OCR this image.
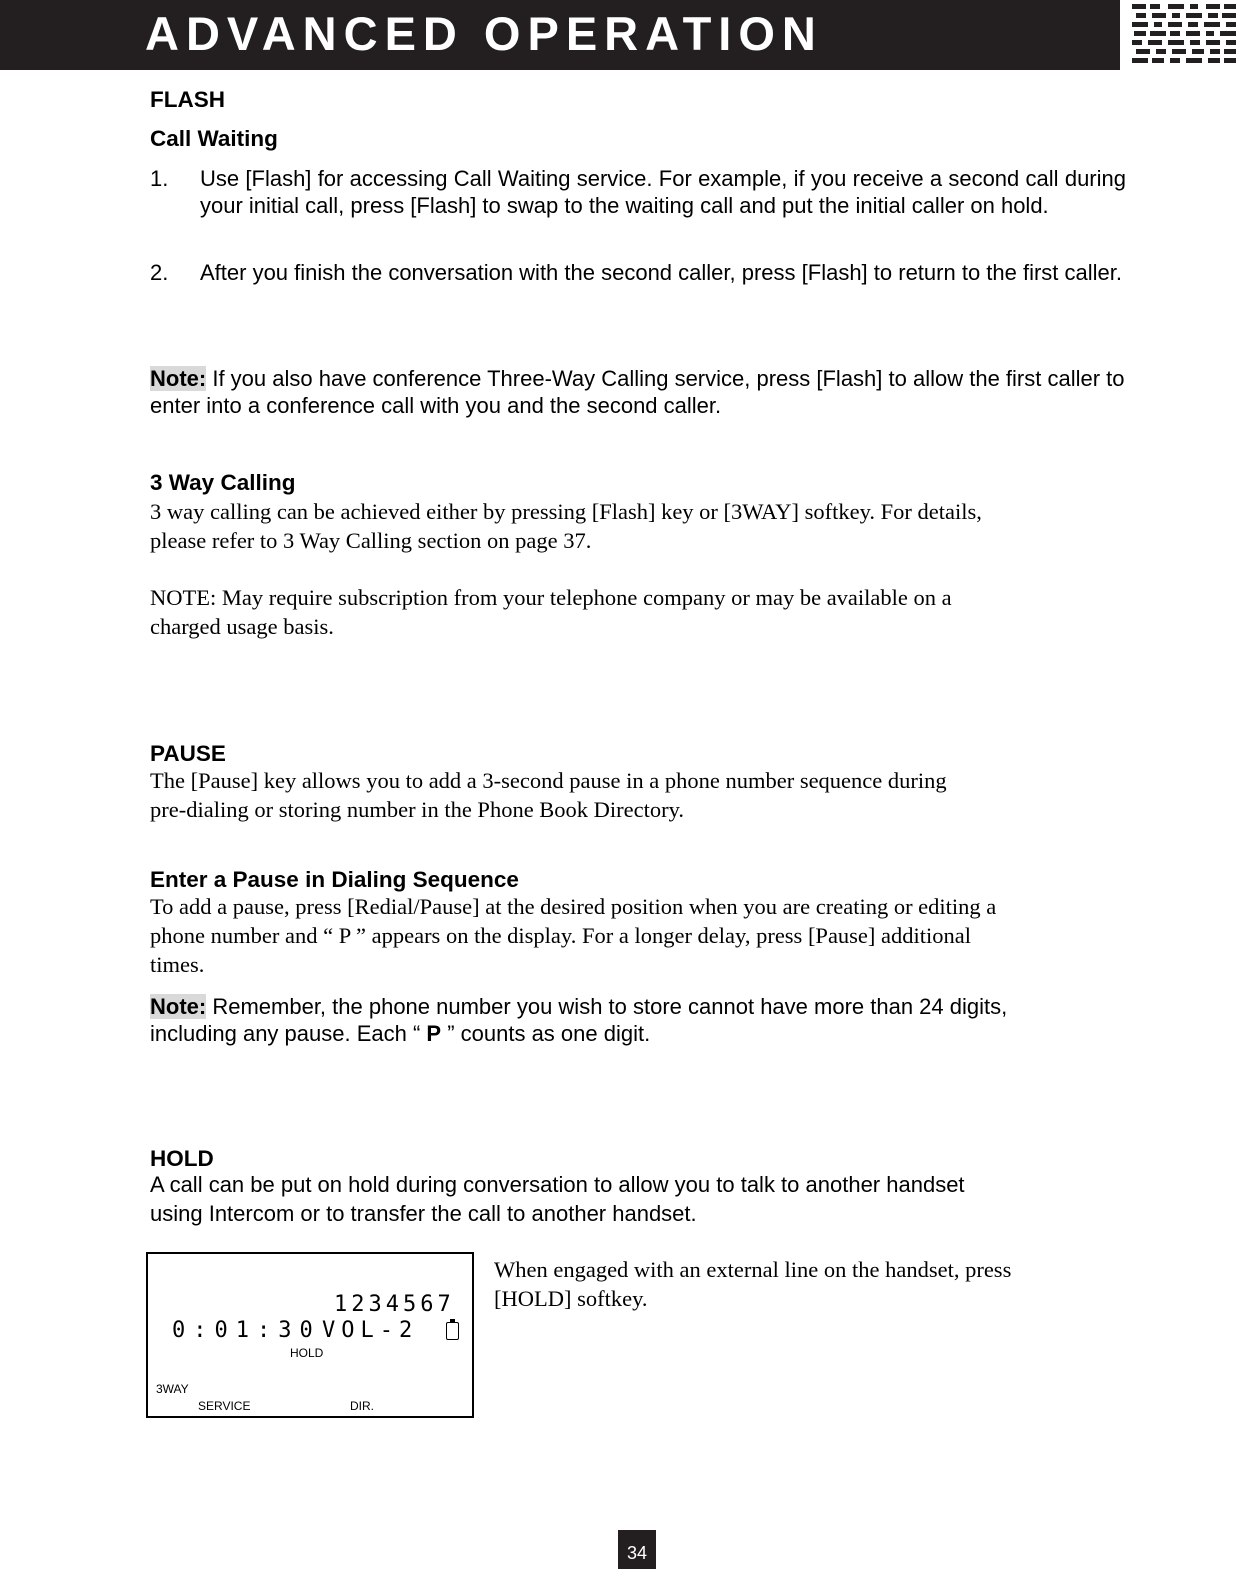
ADVANCED OPERATION
FLASH
Call Waiting
1. Use [Flash] for accessing Call Waiting service. For example, if you receive a second call during your initial call, press [Flash] to swap to the waiting call and put the initial caller on hold.
2. After you finish the conversation with the second caller, press [Flash] to return to the first caller.
Note: If you also have conference Three-Way Calling service, press [Flash] to allow the first caller to enter into a conference call with you and the second caller.
3 Way Calling
3 way calling can be achieved either by pressing [Flash] key or [3WAY] softkey. For details,
please refer to 3 Way Calling section on page 37.
NOTE: May require subscription from your telephone company or may be available on a
charged usage basis.
PAUSE
The [Pause] key allows you to add a 3-second pause in a phone number sequence during
pre-dialing or storing number in the Phone Book Directory.
Enter a Pause in Dialing Sequence
To add a pause, press [Redial/Pause] at the desired position when you are creating or editing a
phone number and “ P ” appears on the display. For a longer delay, press [Pause] additional
times.
Note: Remember, the phone number you wish to store cannot have more than 24 digits,
including any pause. Each “ P ” counts as one digit.
HOLD
A call can be put on hold during conversation to allow you to talk to another handset
using Intercom or to transfer the call to another handset.
1234567
0:01:30 VOL-2
HOLD
3WAY
SERVICE	DIR.
When engaged with an external line on the handset, press
[HOLD] softkey.
34
